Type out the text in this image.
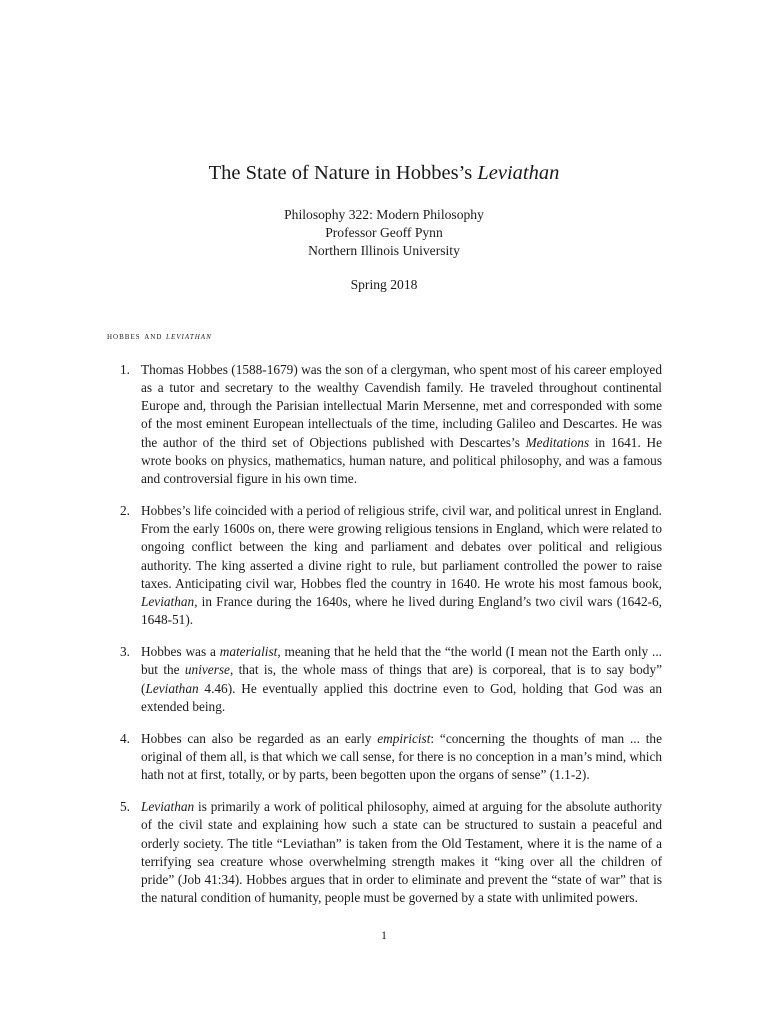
The State of Nature in Hobbes’s Leviathan
Philosophy 322: Modern Philosophy
Professor Geoff Pynn
Northern Illinois University
Spring 2018
hobbes and leviathan
1. Thomas Hobbes (1588-1679) was the son of a clergyman, who spent most of his career employed as a tutor and secretary to the wealthy Cavendish family. He traveled throughout continental Europe and, through the Parisian intellectual Marin Mersenne, met and corresponded with some of the most eminent European intellectuals of the time, including Galileo and Descartes. He was the author of the third set of Objections published with Descartes’s Meditations in 1641. He wrote books on physics, mathematics, human nature, and political philosophy, and was a famous and controversial figure in his own time.
2. Hobbes’s life coincided with a period of religious strife, civil war, and political unrest in England. From the early 1600s on, there were growing religious tensions in England, which were related to ongoing conflict between the king and parliament and debates over political and religious authority. The king asserted a divine right to rule, but parliament controlled the power to raise taxes. Anticipating civil war, Hobbes fled the country in 1640. He wrote his most famous book, Leviathan, in France during the 1640s, where he lived during England’s two civil wars (1642-6, 1648-51).
3. Hobbes was a materialist, meaning that he held that the “the world (I mean not the Earth only ... but the universe, that is, the whole mass of things that are) is corporeal, that is to say body” (Leviathan 4.46). He eventually applied this doctrine even to God, holding that God was an extended being.
4. Hobbes can also be regarded as an early empiricist: “concerning the thoughts of man ... the original of them all, is that which we call sense, for there is no conception in a man’s mind, which hath not at first, totally, or by parts, been begotten upon the organs of sense” (1.1-2).
5. Leviathan is primarily a work of political philosophy, aimed at arguing for the absolute authority of the civil state and explaining how such a state can be structured to sustain a peaceful and orderly society. The title “Leviathan” is taken from the Old Testament, where it is the name of a terrifying sea creature whose overwhelming strength makes it “king over all the children of pride” (Job 41:34). Hobbes argues that in order to eliminate and prevent the “state of war” that is the natural condition of humanity, people must be governed by a state with unlimited powers.
1
